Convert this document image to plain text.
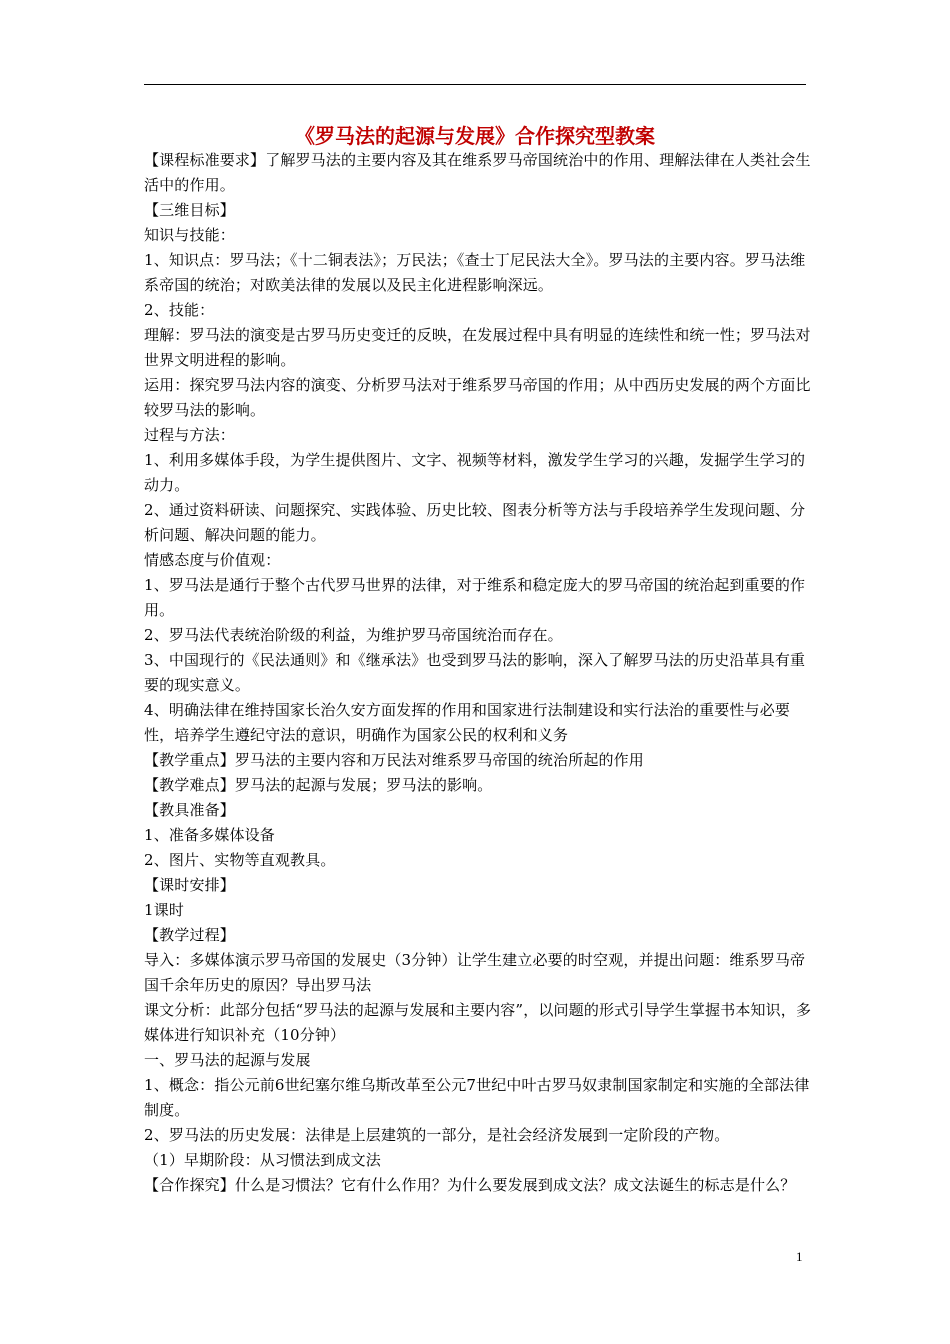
《罗马法的起源与发展》合作探究型教案

【课程标准要求】了解罗马法的主要内容及其在维系罗马帝国统治中的作用、理解法律在人类社会生活中的作用。

【三维目标】

知识与技能：

1、知识点：罗马法；《十二铜表法》；万民法；《查士丁尼民法大全》。罗马法的主要内容。罗马法维系帝国的统治；对欧美法律的发展以及民主化进程影响深远。

2、技能：

理解：罗马法的演变是古罗马历史变迁的反映，在发展过程中具有明显的连续性和统一性；罗马法对世界文明进程的影响。

运用：探究罗马法内容的演变、分析罗马法对于维系罗马帝国的作用；从中西历史发展的两个方面比较罗马法的影响。

过程与方法：

1、利用多媒体手段，为学生提供图片、文字、视频等材料，激发学生学习的兴趣，发掘学生学习的动力。

2、通过资料研读、问题探究、实践体验、历史比较、图表分析等方法与手段培养学生发现问题、分析问题、解决问题的能力。

情感态度与价值观：

1、罗马法是通行于整个古代罗马世界的法律，对于维系和稳定庞大的罗马帝国的统治起到重要的作用。

2、罗马法代表统治阶级的利益，为维护罗马帝国统治而存在。

3、中国现行的《民法通则》和《继承法》也受到罗马法的影响，深入了解罗马法的历史沿革具有重要的现实意义。

4、明确法律在维持国家长治久安方面发挥的作用和国家进行法制建设和实行法治的重要性与必要性，培养学生遵纪守法的意识，明确作为国家公民的权利和义务

【教学重点】罗马法的主要内容和万民法对维系罗马帝国的统治所起的作用

【教学难点】罗马法的起源与发展；罗马法的影响。

【教具准备】

1、准备多媒体设备

2、图片、实物等直观教具。

【课时安排】

1课时

【教学过程】

导入：多媒体演示罗马帝国的发展史（3分钟）让学生建立必要的时空观，并提出问题：维系罗马帝国千余年历史的原因？导出罗马法

课文分析：此部分包括“罗马法的起源与发展和主要内容”，以问题的形式引导学生掌握书本知识，多媒体进行知识补充（10分钟）

一、罗马法的起源与发展

1、概念：指公元前6世纪塞尔维乌斯改革至公元7世纪中叶古罗马奴隶制国家制定和实施的全部法律制度。

2、罗马法的历史发展：法律是上层建筑的一部分，是社会经济发展到一定阶段的产物。

（1）早期阶段：从习惯法到成文法

【合作探究】什么是习惯法？它有什么作用？为什么要发展到成文法？成文法诞生的标志是什么？

1
